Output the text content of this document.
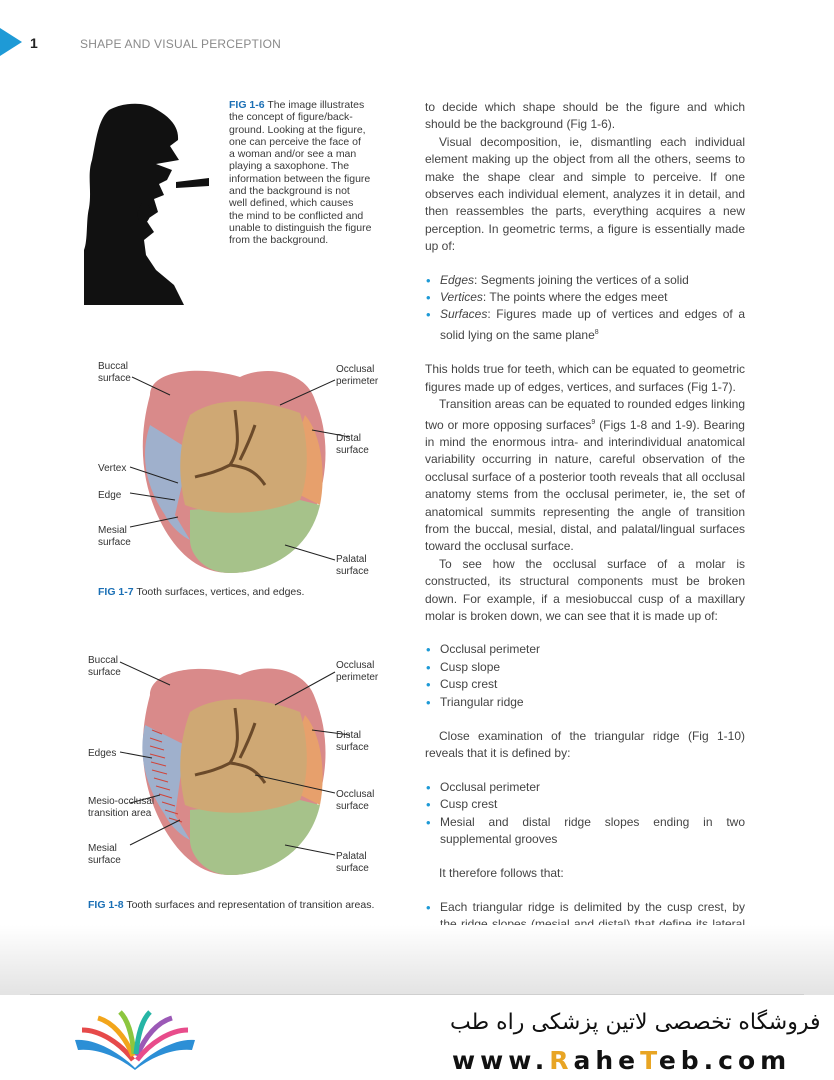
1	SHAPE AND VISUAL PERCEPTION
FIG 1-6 The image illustrates
the concept of figure/back-
ground. Looking at the figure,
one can perceive the face of
a woman and/or see a man
playing a saxophone. The
information between the figure
and the background is not
well defined, which causes
the mind to be conflicted and
unable to distinguish the figure
from the background.
Buccal
surface
Occlusal
perimeter
Distal
surface
Vertex
Edge
Mesial
surface
Palatal
surface
FIG 1-7 Tooth surfaces, vertices, and edges.
Buccal
surface
Occlusal
perimeter
Distal
surface
Edges
Occlusal
surface
Mesio-occlusal
transition area
Mesial
surface	Palatal
surface
FIG 1-8 Tooth surfaces and representation of transition areas.

to decide which shape should be the figure and which should be the background (Fig 1-6).

Visual decomposition, ie, dismantling each individual element making up the object from all the others, seems to make the shape clear and simple to perceive. If one observes each individual element, analyzes it in detail, and then reassembles the parts, everything acquires a new perception. In geometric terms, a figure is essentially made up of:

• Edges: Segments joining the vertices of a solid
• Vertices: The points where the edges meet
• Surfaces: Figures made up of vertices and edges of a solid lying on the same plane$^8$

This holds true for teeth, which can be equated to geometric figures made up of edges, vertices, and surfaces (Fig 1-7).

Transition areas can be equated to rounded edges linking two or more opposing surfaces$^9$ (Figs 1-8 and 1-9). Bearing in mind the enormous intra- and interindividual anatomical variability occurring in nature, careful observation of the occlusal surface of a posterior tooth reveals that all occlusal anatomy stems from the occlusal perimeter, ie, the set of anatomical summits representing the angle of transition from the buccal, mesial, distal, and palatal/lingual surfaces toward the occlusal surface.

To see how the occlusal surface of a molar is constructed, its structural components must be broken down. For example, if a mesiobuccal cusp of a maxillary molar is broken down, we can see that it is made up of:

• Occlusal perimeter
• Cusp slope
• Cusp crest
• Triangular ridge

Close examination of the triangular ridge (Fig 1-10) reveals that it is defined by:

• Occlusal perimeter
• Cusp crest
• Mesial and distal ridge slopes ending in two supplemental grooves

It therefore follows that:

• Each triangular ridge is delimited by the cusp crest, by
فروشگاه تخصصی لاتین پزشکی راه طب
www.RaheTeb.com
